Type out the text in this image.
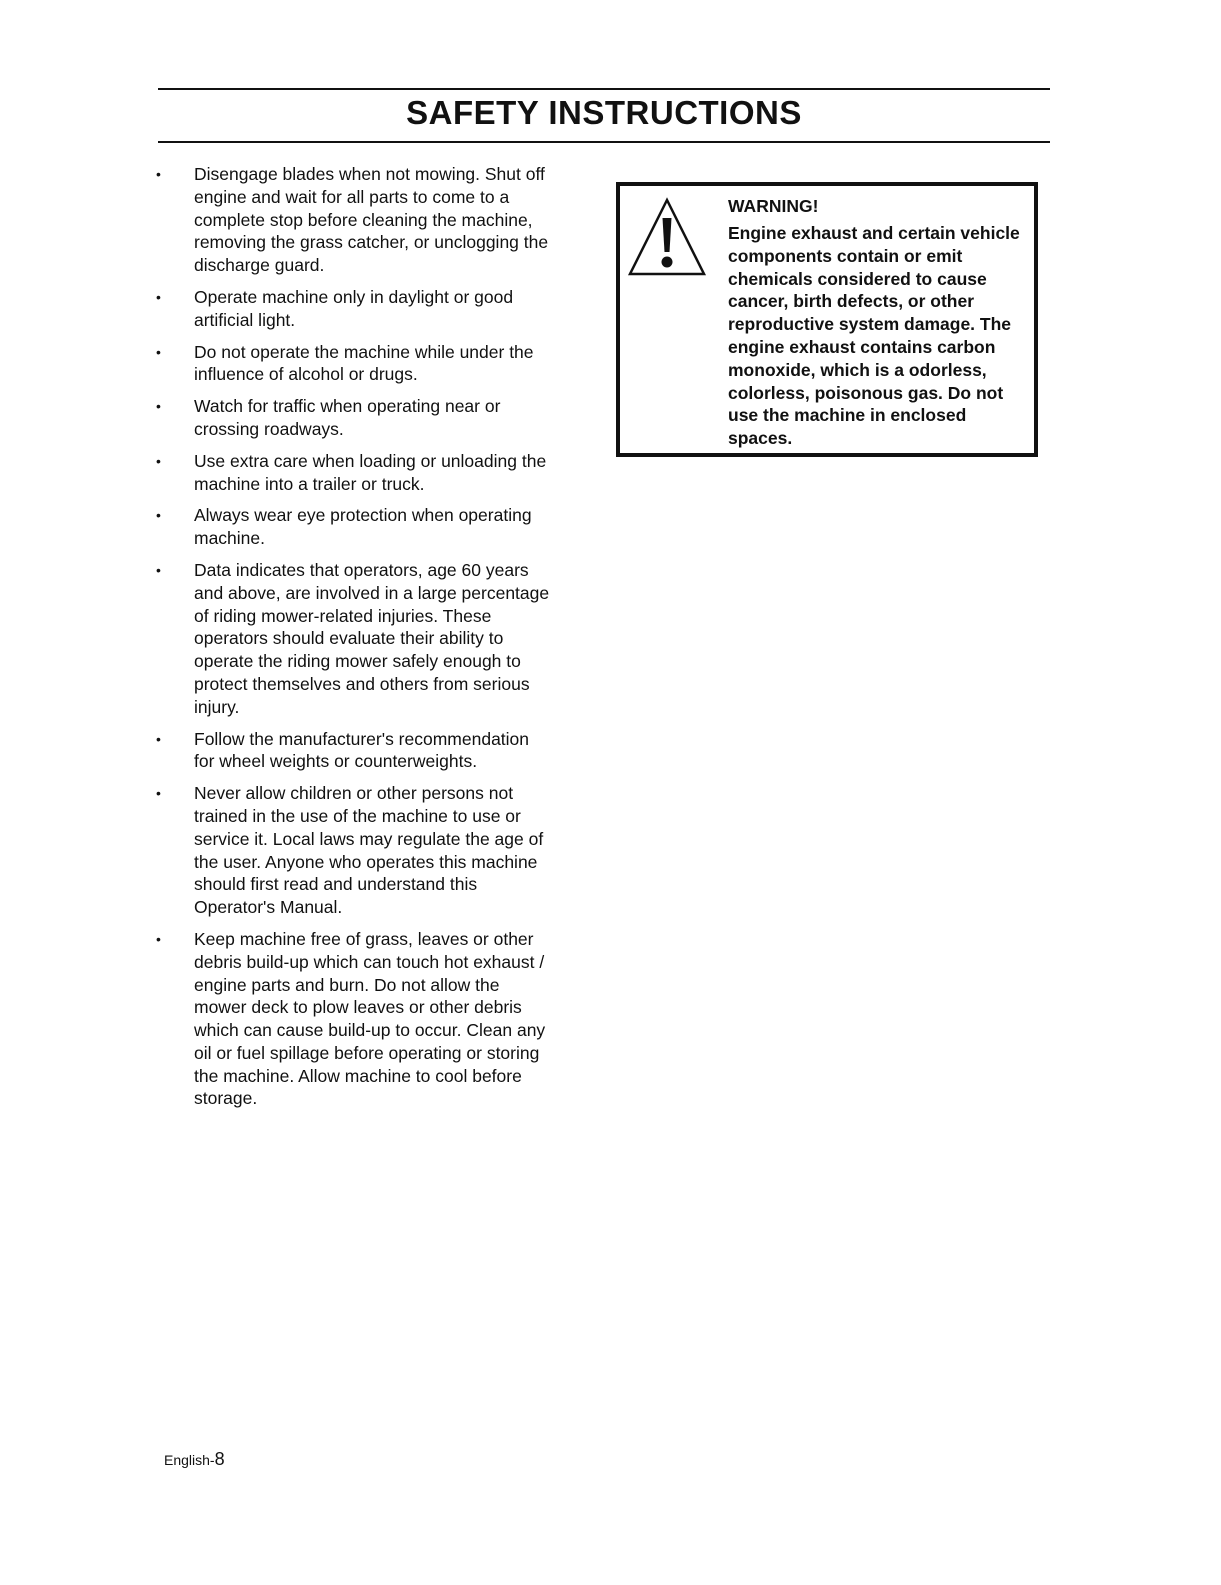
SAFETY INSTRUCTIONS
• Disengage blades when not mowing. Shut off engine and wait for all parts to come to a complete stop before cleaning the machine, removing the grass catcher, or unclogging the discharge guard.
• Operate machine only in daylight or good artificial light.
• Do not operate the machine while under the influence of alcohol or drugs.
• Watch for traffic when operating near or crossing roadways.
• Use extra care when loading or unloading the machine into a trailer or truck.
• Always wear eye protection when operating machine.
• Data indicates that operators, age 60 years and above, are involved in a large percentage of riding mower-related injuries. These operators should evaluate their ability to operate the riding mower safely enough to protect themselves and others from serious injury.
• Follow the manufacturer's recommendation for wheel weights or counterweights.
• Never allow children or other persons not trained in the use of the machine to use or service it. Local laws may regulate the age of the user. Anyone who operates this machine should first read and understand this Operator's Manual.
• Keep machine free of grass, leaves or other debris build-up which can touch hot exhaust / engine parts and burn. Do not allow the mower deck to plow leaves or other debris which can cause build-up to occur. Clean any oil or fuel spillage before operating or storing the machine. Allow machine to cool before storage.

WARNING!

Engine exhaust and certain vehicle components contain or emit chemicals considered to cause cancer, birth defects, or other reproductive system damage. The engine exhaust contains carbon monoxide, which is a odorless, colorless, poisonous gas. Do not use the machine in enclosed spaces.

English-8
